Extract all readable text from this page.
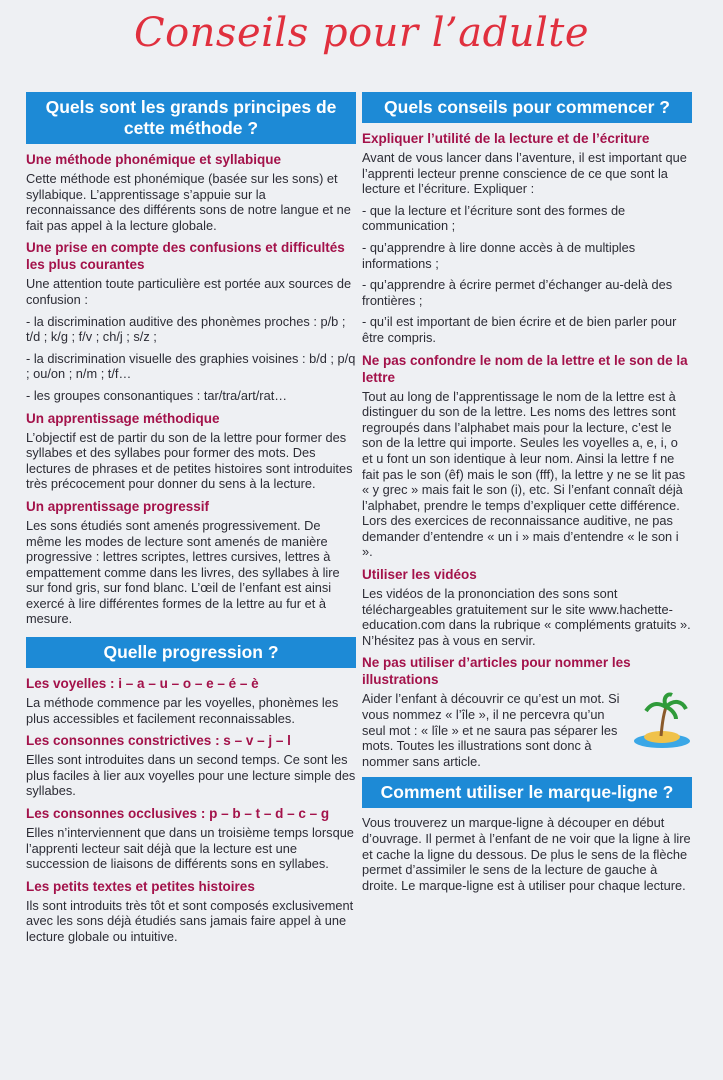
Conseils pour l’adulte
Quels sont les grands principes de cette méthode ?
Une méthode phonémique et syllabique
Cette méthode est phonémique (basée sur les sons) et syllabique. L’apprentissage s’appuie sur la reconnaissance des différents sons de notre langue et ne fait pas appel à la lecture globale.
Une prise en compte des confusions et difficultés les plus courantes
Une attention toute particulière est portée aux sources de confusion :
- la discrimination auditive des phonèmes proches : p/b ; t/d ; k/g ; f/v ; ch/j ; s/z ;
- la discrimination visuelle des graphies voisines : b/d ; p/q ; ou/on ; n/m ; t/f…
- les groupes consonantiques : tar/tra/art/rat…
Un apprentissage méthodique
L’objectif est de partir du son de la lettre pour former des syllabes et des syllabes pour former des mots. Des lectures de phrases et de petites histoires sont introduites très précocement pour donner du sens à la lecture.
Un apprentissage progressif
Les sons étudiés sont amenés progressivement. De même les modes de lecture sont amenés de manière progressive : lettres scriptes, lettres cursives, lettres à empattement comme dans les livres, des syllabes à lire sur fond gris, sur fond blanc. L’œil de l’enfant est ainsi exercé à lire différentes formes de la lettre au fur et à mesure.
Quelle progression ?
Les voyelles : i – a – u – o – e – é – è
La méthode commence par les voyelles, phonèmes les plus accessibles et facilement reconnaissables.
Les consonnes constrictives : s – v – j – l
Elles sont introduites dans un second temps. Ce sont les plus faciles à lier aux voyelles pour une lecture simple des syllabes.
Les consonnes occlusives : p – b – t – d – c – g
Elles n’interviennent que dans un troisième temps lorsque l’apprenti lecteur sait déjà que la lecture est une succession de liaisons de différents sons en syllabes.
Les petits textes et petites histoires
Ils sont introduits très tôt et sont composés exclusivement avec les sons déjà étudiés sans jamais faire appel à une lecture globale ou intuitive.
Quels conseils pour commencer ?
Expliquer l’utilité de la lecture et de l’écriture
Avant de vous lancer dans l’aventure, il est important que l’apprenti lecteur prenne conscience de ce que sont la lecture et l’écriture. Expliquer :
- que la lecture et l’écriture sont des formes de communication ;
- qu’apprendre à lire donne accès à de multiples informations ;
- qu’apprendre à écrire permet d’échanger au-delà des frontières ;
- qu’il est important de bien écrire et de bien parler pour être compris.
Ne pas confondre le nom de la lettre et le son de la lettre
Tout au long de l’apprentissage le nom de la lettre est à distinguer du son de la lettre. Les noms des lettres sont regroupés dans l’alphabet mais pour la lecture, c’est le son de la lettre qui importe. Seules les voyelles a, e, i, o et u font un son identique à leur nom. Ainsi la lettre f ne fait pas le son (êf) mais le son (fff), la lettre y ne se lit pas « y grec » mais fait le son (i), etc. Si l’enfant connaît déjà l’alphabet, prendre le temps d’expliquer cette différence. Lors des exercices de reconnaissance auditive, ne pas demander d’entendre « un i » mais d’entendre « le son i ».
Utiliser les vidéos
Les vidéos de la prononciation des sons sont téléchargeables gratuitement sur le site www.hachette-education.com dans la rubrique « compléments gratuits ». N’hésitez pas à vous en servir.
Ne pas utiliser d’articles pour nommer les illustrations
Aider l’enfant à découvrir ce qu’est un mot. Si vous nommez « l’île », il ne percevra qu’un seul mot : « lîle » et ne saura pas séparer les mots. Toutes les illustrations sont donc à nommer sans article.
Comment utiliser le marque-ligne ?
Vous trouverez un marque-ligne à découper en début d’ouvrage. Il permet à l’enfant de ne voir que la ligne à lire et cache la ligne du dessous. De plus le sens de la flèche permet d’assimiler le sens de la lecture de gauche à droite. Le marque-ligne est à utiliser pour chaque lecture.
